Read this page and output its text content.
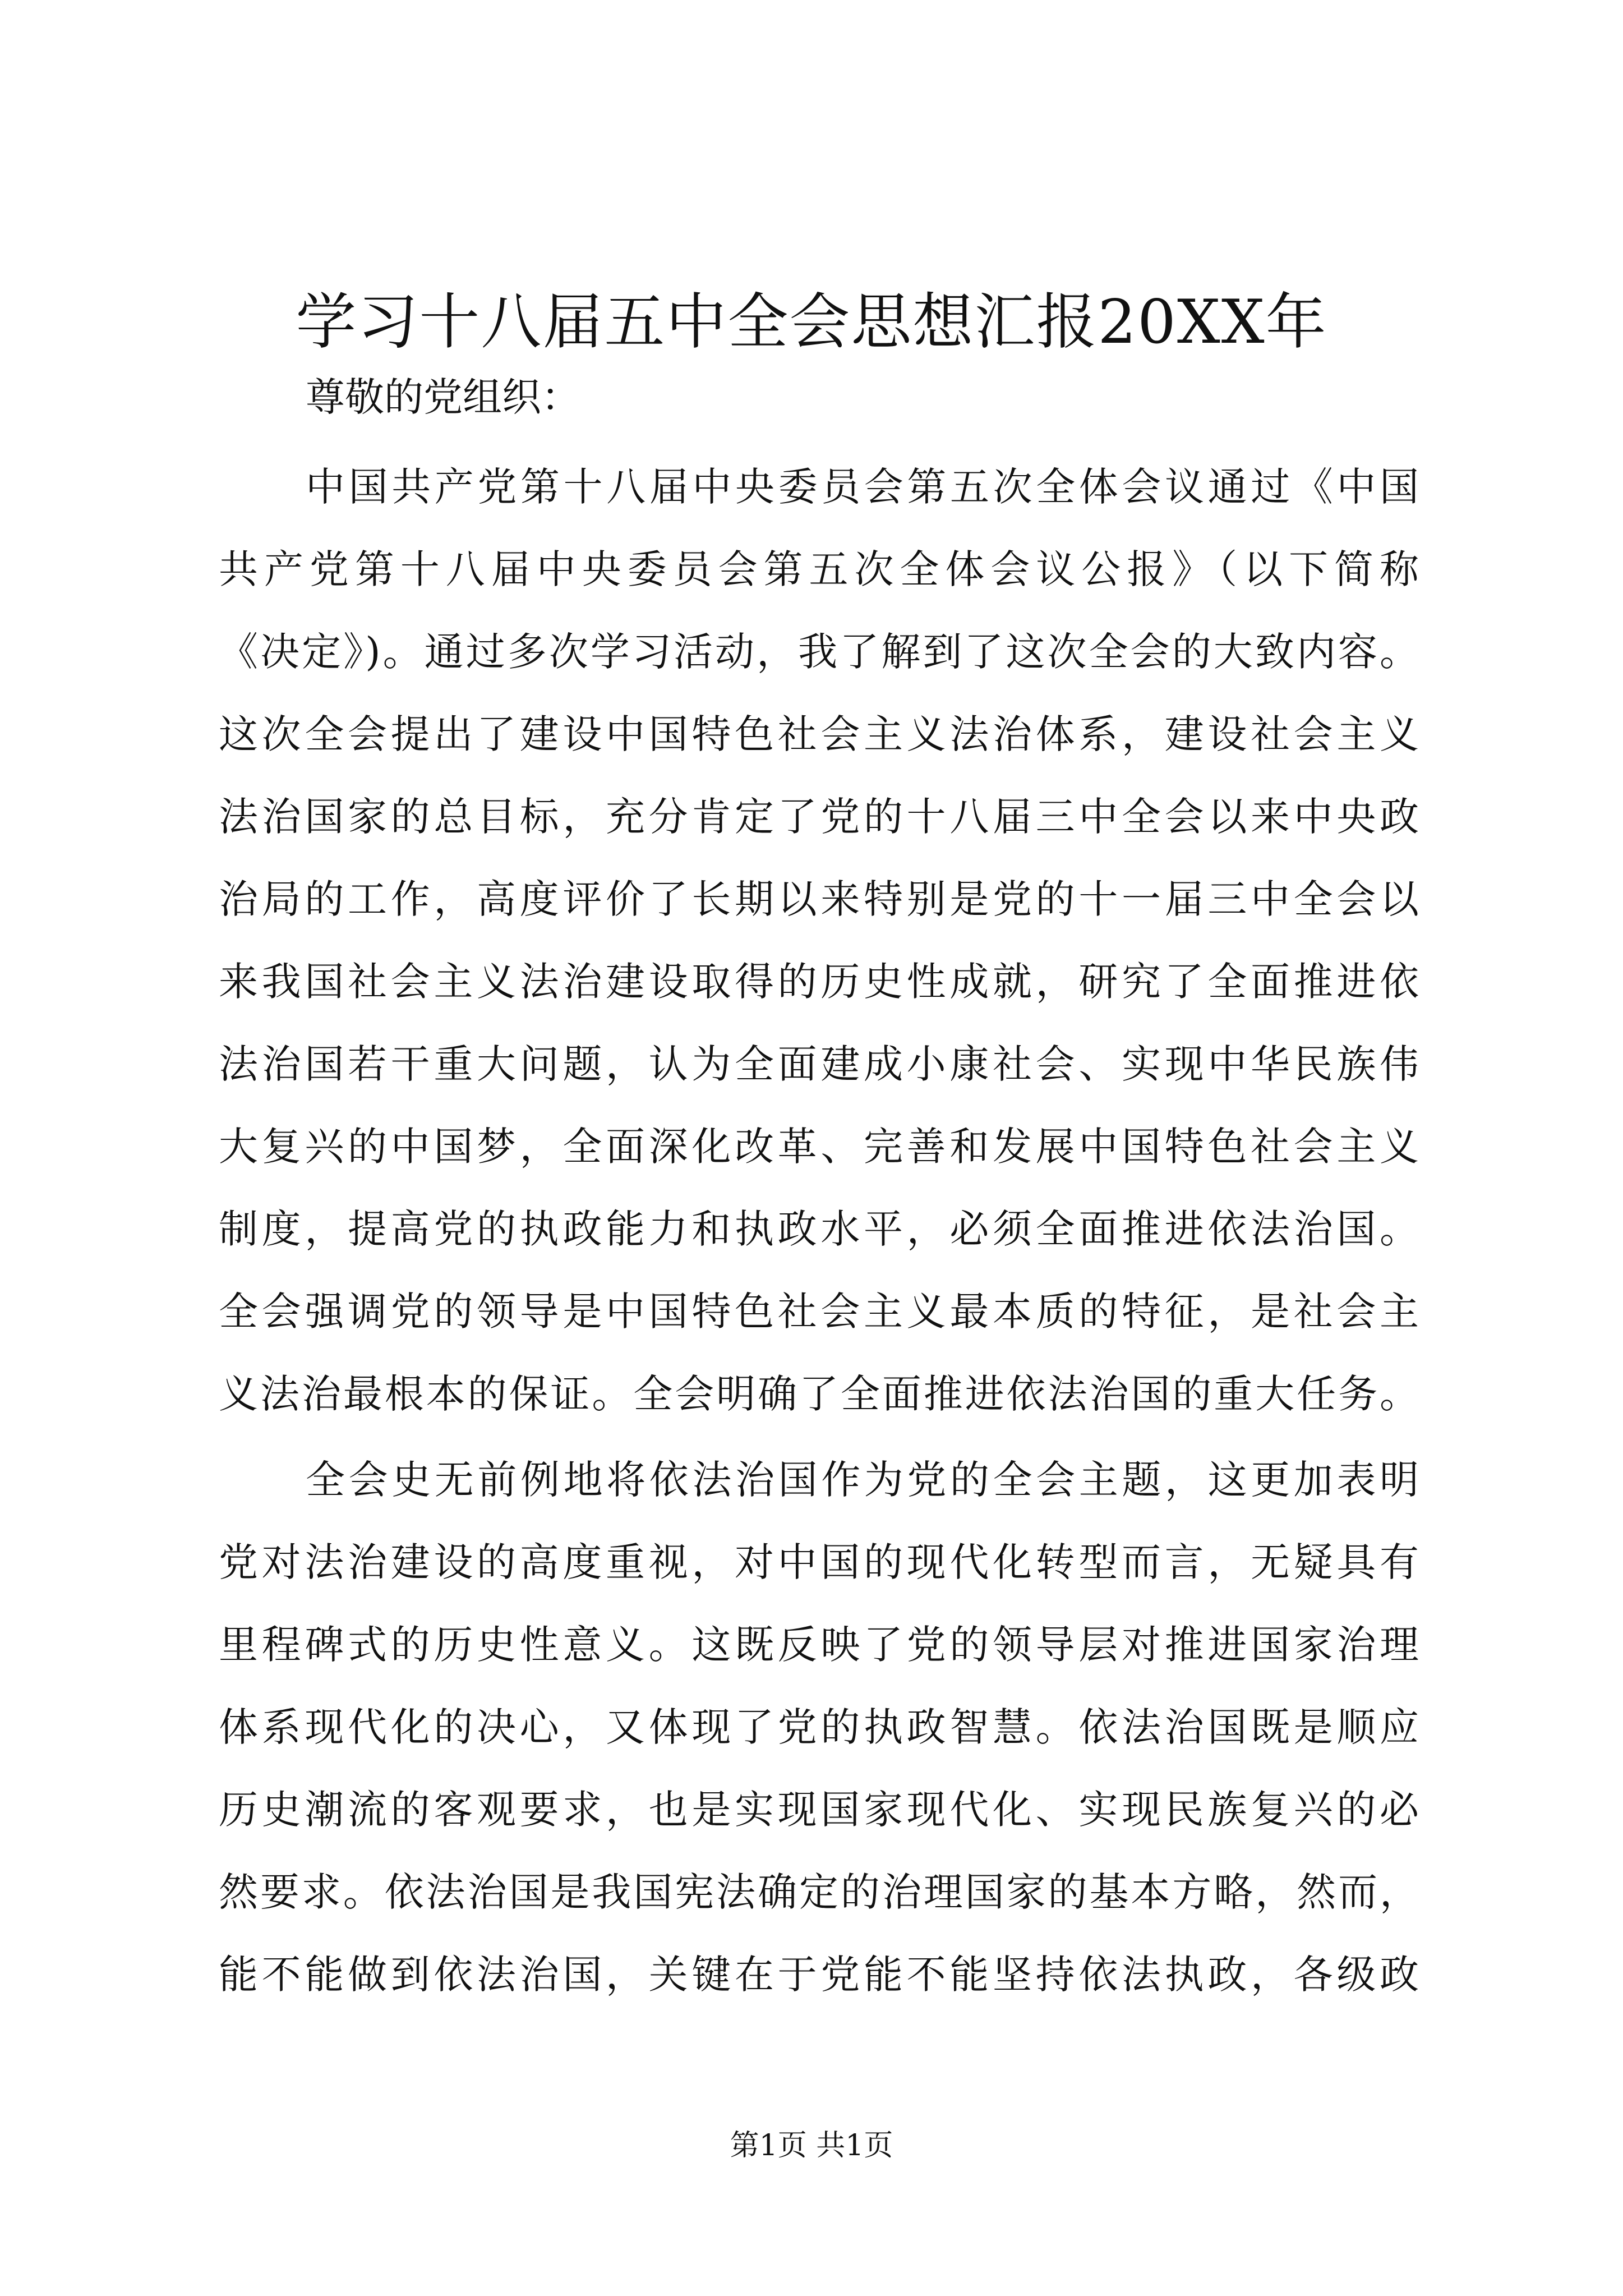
学习十八届五中全会思想汇报20XX年

尊敬的党组织：

中国共产党第十八届中央委员会第五次全体会议通过《中国

共产党第十八届中央委员会第五次全体会议公报》（以下简称

《决定》)。通过多次学习活动，我了解到了这次全会的大致内容。

这次全会提出了建设中国特色社会主义法治体系，建设社会主义

法治国家的总目标，充分肯定了党的十八届三中全会以来中央政

治局的工作，高度评价了长期以来特别是党的十一届三中全会以

来我国社会主义法治建设取得的历史性成就，研究了全面推进依

法治国若干重大问题，认为全面建成小康社会、实现中华民族伟

大复兴的中国梦，全面深化改革、完善和发展中国特色社会主义

制度，提高党的执政能力和执政水平，必须全面推进依法治国。

全会强调党的领导是中国特色社会主义最本质的特征，是社会主

义法治最根本的保证。全会明确了全面推进依法治国的重大任务。

全会史无前例地将依法治国作为党的全会主题，这更加表明

党对法治建设的高度重视，对中国的现代化转型而言，无疑具有

里程碑式的历史性意义。这既反映了党的领导层对推进国家治理

体系现代化的决心，又体现了党的执政智慧。依法治国既是顺应

历史潮流的客观要求，也是实现国家现代化、实现民族复兴的必

然要求。依法治国是我国宪法确定的治理国家的基本方略，然而，

能不能做到依法治国，关键在于党能不能坚持依法执政，各级政

第1页 共1页
